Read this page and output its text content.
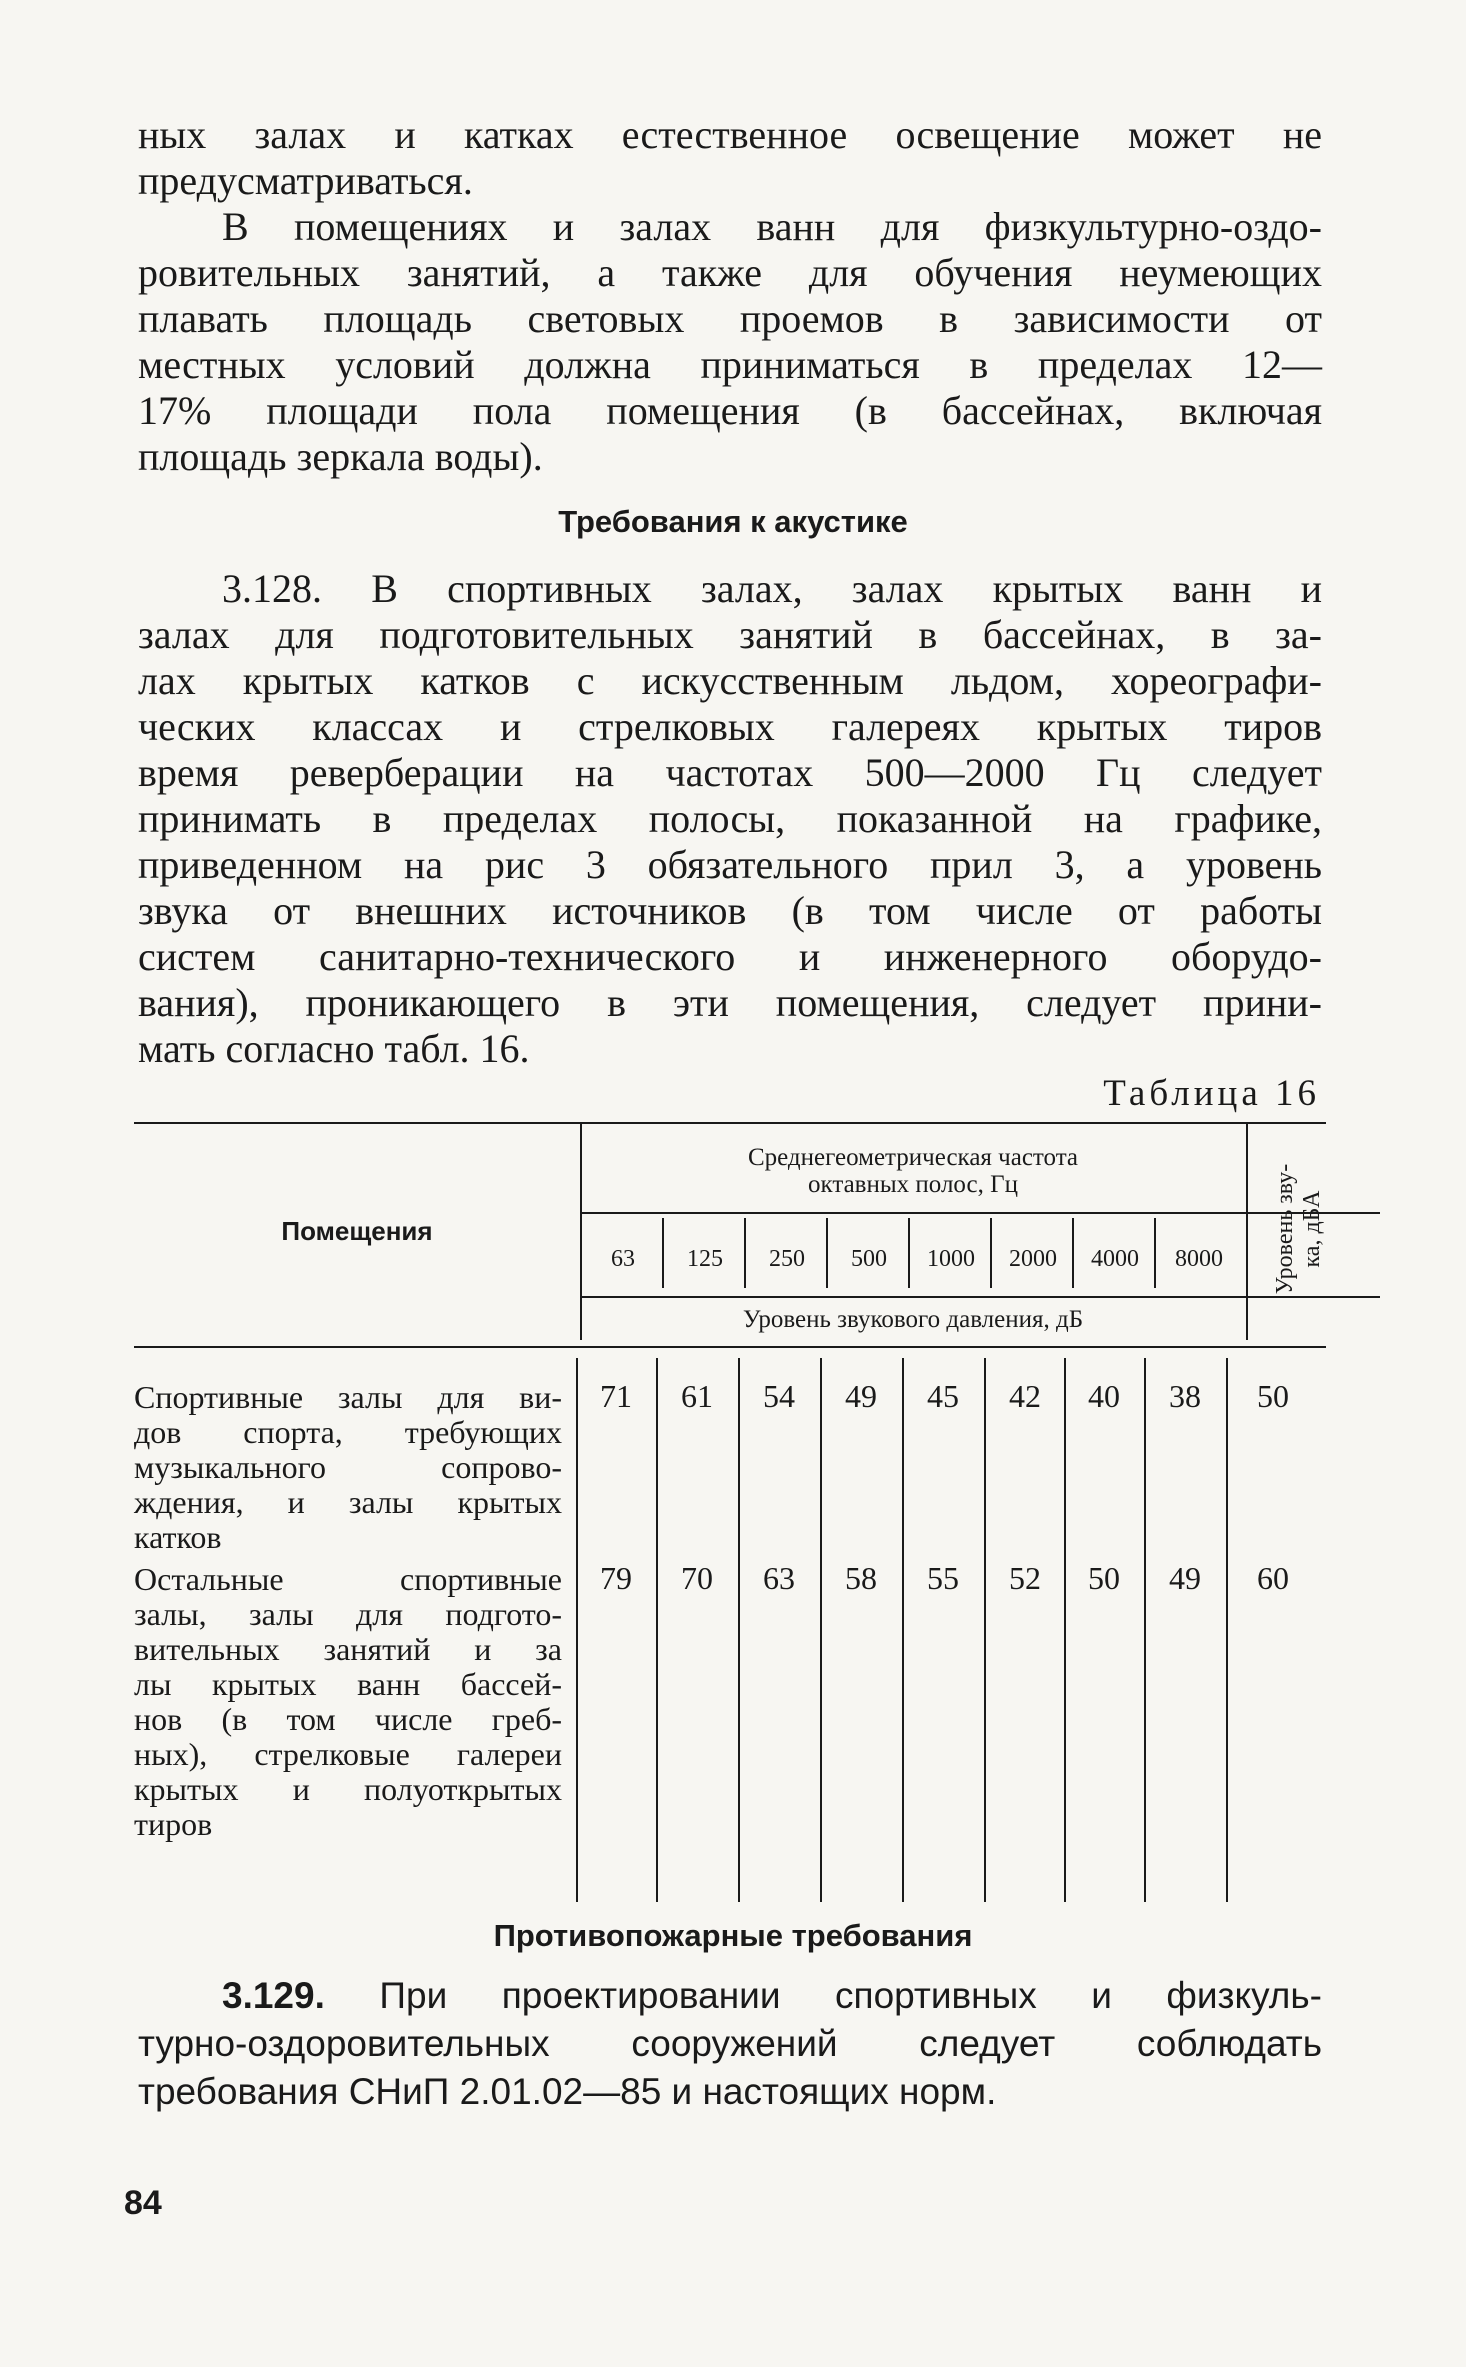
ных залах и катках естественное освещение может не
предусматриваться.
В помещениях и залах ванн для физкультурно-оздо-
ровительных занятий, а также для обучения неумеющих
плавать площадь световых проемов в зависимости от
местных условий должна приниматься в пределах 12—
17% площади пола помещения (в бассейнах, включая
площадь зеркала воды).
Требования к акустике
3.128. В спортивных залах, залах крытых ванн и
залах для подготовительных занятий в бассейнах, в за-
лах крытых катков с искусственным льдом, хореографи-
ческих классах и стрелковых галереях крытых тиров
время реверберации на частотах 500—2000 Гц следует
принимать в пределах полосы, показанной на графике,
приведенном на рис 3 обязательного прил 3, а уровень
звука от внешних источников (в том числе от работы
систем санитарно-технического и инженерного оборудо-
вания), проникающего в эти помещения, следует прини-
мать согласно табл. 16.
Таблица 16
Помещения
Среднегеометрическая частота
октавных полос, Гц
63	125	250	500	1000	2000	4000	8000
Уровень звукового давления, дБ
Уровень зву- ка, дБА
Спортивные залы для ви-
дов спорта, требующих
музыкального сопрово-
ждения, и залы крытых
катков
71	61	54	49	45	42	40	38	50
Остальные спортивные
залы, залы для подгото-
вительных занятий и за
лы крытых ванн бассей-
нов (в том числе греб-
ных), стрелковые галереи
крытых и полуоткрытых
тиров
79	70	63	58	55	52	50	49	60
Противопожарные требования
3.129. При проектировании спортивных и физкуль-
турно-оздоровительных сооружений следует соблюдать
требования СНиП 2.01.02—85 и настоящих норм.
84
